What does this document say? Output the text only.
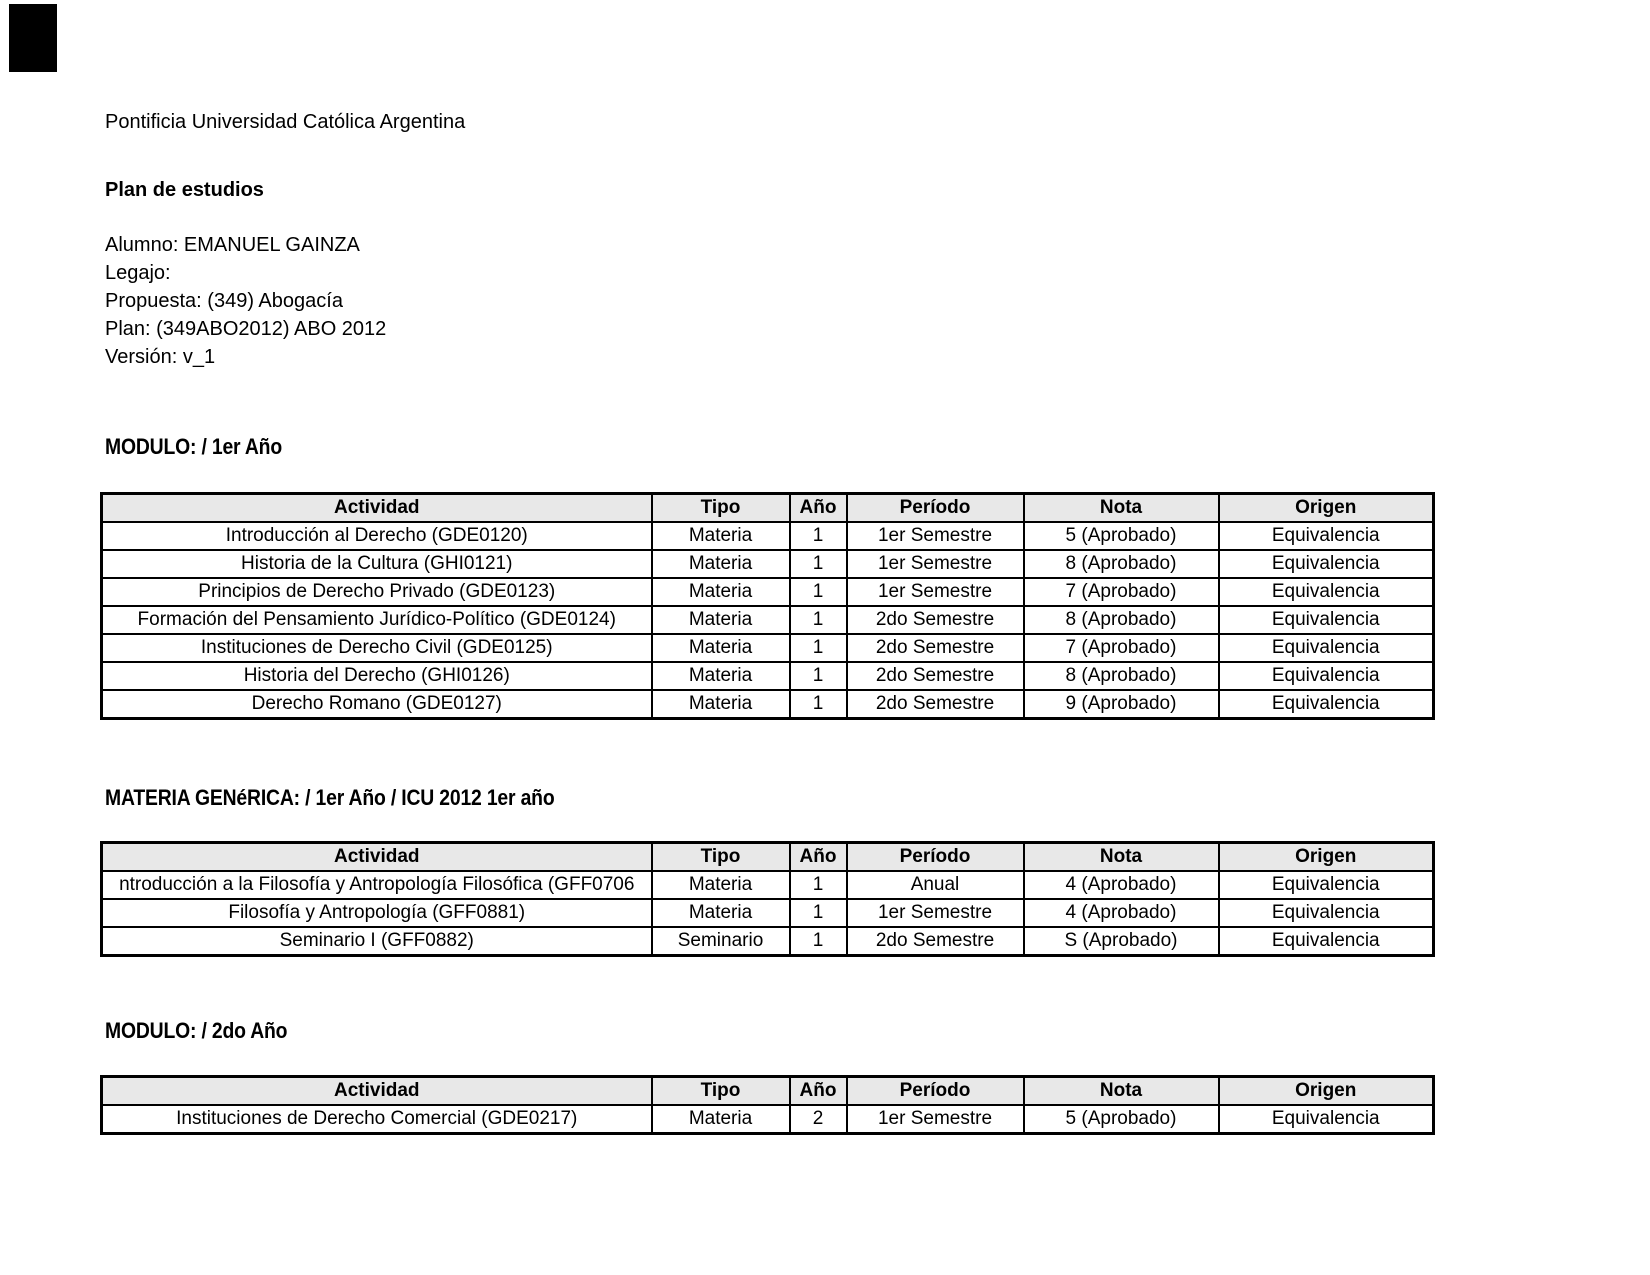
Pontificia Universidad Católica Argentina
Plan de estudios
Alumno: EMANUEL GAINZA
Legajo:
Propuesta: (349) Abogacía
Plan: (349ABO2012) ABO 2012
Versión: v_1
MODULO: / 1er Año
Actividad	Tipo	Año	Período	Nota	Origen
Introducción al Derecho (GDE0120)	Materia	1	1er Semestre	5 (Aprobado)	Equivalencia
Historia de la Cultura (GHI0121)	Materia	1	1er Semestre	8 (Aprobado)	Equivalencia
Principios de Derecho Privado (GDE0123)	Materia	1	1er Semestre	7 (Aprobado)	Equivalencia
Formación del Pensamiento Jurídico-Político (GDE0124)	Materia	1	2do Semestre	8 (Aprobado)	Equivalencia
Instituciones de Derecho Civil (GDE0125)	Materia	1	2do Semestre	7 (Aprobado)	Equivalencia
Historia del Derecho (GHI0126)	Materia	1	2do Semestre	8 (Aprobado)	Equivalencia
Derecho Romano (GDE0127)	Materia	1	2do Semestre	9 (Aprobado)	Equivalencia
MATERIA GENéRICA: / 1er Año / ICU 2012 1er año
Actividad	Tipo	Año	Período	Nota	Origen
ntroducción a la Filosofía y Antropología Filosófica (GFF0706	Materia	1	Anual	4 (Aprobado)	Equivalencia
Filosofía y Antropología (GFF0881)	Materia	1	1er Semestre	4 (Aprobado)	Equivalencia
Seminario I (GFF0882)	Seminario	1	2do Semestre	S (Aprobado)	Equivalencia
MODULO: / 2do Año
Actividad	Tipo	Año	Período	Nota	Origen
Instituciones de Derecho Comercial (GDE0217)	Materia	2	1er Semestre	5 (Aprobado)	Equivalencia
